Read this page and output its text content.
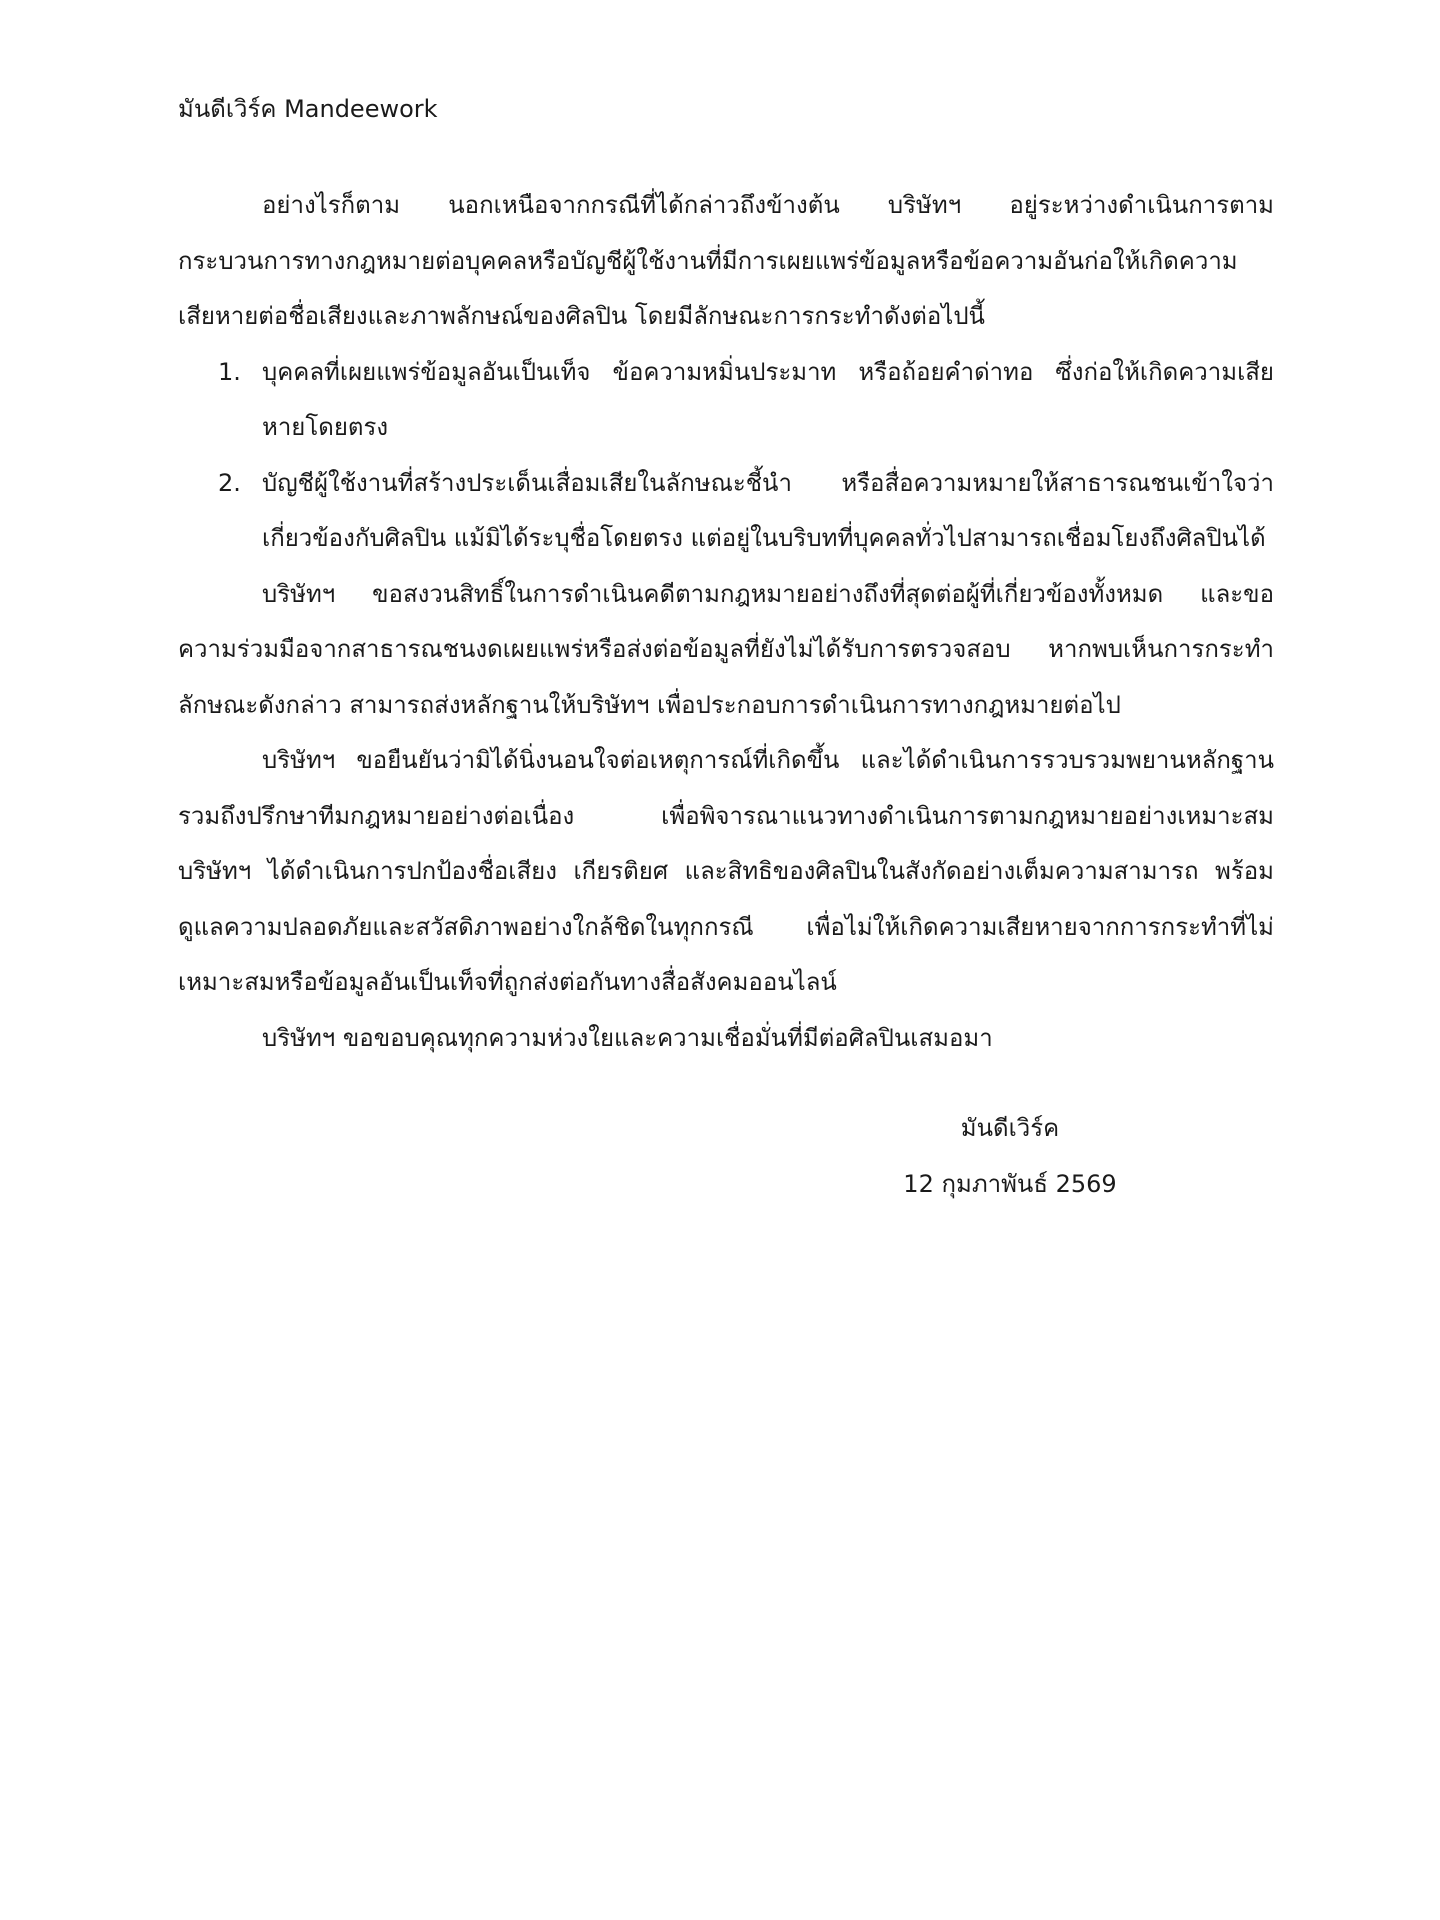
มันดีเวิร์ค Mandeework

อย่างไรก็ตาม นอกเหนือจากกรณีที่ได้กล่าวถึงข้างต้น บริษัทฯ อยู่ระหว่างดำเนินการตามกระบวนการทางกฎหมายต่อบุคคลหรือบัญชีผู้ใช้งานที่มีการเผยแพร่ข้อมูลหรือข้อความอันก่อให้เกิดความเสียหายต่อชื่อเสียงและภาพลักษณ์ของศิลปิน โดยมีลักษณะการกระทำดังต่อไปนี้

1. บุคคลที่เผยแพร่ข้อมูลอันเป็นเท็จ ข้อความหมิ่นประมาท หรือถ้อยคำด่าทอ ซึ่งก่อให้เกิดความเสียหายโดยตรง
2. บัญชีผู้ใช้งานที่สร้างประเด็นเสื่อมเสียในลักษณะชี้นำ หรือสื่อความหมายให้สาธารณชนเข้าใจว่าเกี่ยวข้องกับศิลปิน แม้มิได้ระบุชื่อโดยตรง แต่อยู่ในบริบทที่บุคคลทั่วไปสามารถเชื่อมโยงถึงศิลปินได้

บริษัทฯ ขอสงวนสิทธิ์ในการดำเนินคดีตามกฎหมายอย่างถึงที่สุดต่อผู้ที่เกี่ยวข้องทั้งหมด และขอความร่วมมือจากสาธารณชนงดเผยแพร่หรือส่งต่อข้อมูลที่ยังไม่ได้รับการตรวจสอบ หากพบเห็นการกระทำลักษณะดังกล่าว สามารถส่งหลักฐานให้บริษัทฯ เพื่อประกอบการดำเนินการทางกฎหมายต่อไป

บริษัทฯ ขอยืนยันว่ามิได้นิ่งนอนใจต่อเหตุการณ์ที่เกิดขึ้น และได้ดำเนินการรวบรวมพยานหลักฐานรวมถึงปรึกษาทีมกฎหมายอย่างต่อเนื่อง เพื่อพิจารณาแนวทางดำเนินการตามกฎหมายอย่างเหมาะสม บริษัทฯ ได้ดำเนินการปกป้องชื่อเสียง เกียรติยศ และสิทธิของศิลปินในสังกัดอย่างเต็มความสามารถ พร้อมดูแลความปลอดภัยและสวัสดิภาพอย่างใกล้ชิดในทุกกรณี เพื่อไม่ให้เกิดความเสียหายจากการกระทำที่ไม่เหมาะสมหรือข้อมูลอันเป็นเท็จที่ถูกส่งต่อกันทางสื่อสังคมออนไลน์

บริษัทฯ ขอขอบคุณทุกความห่วงใยและความเชื่อมั่นที่มีต่อศิลปินเสมอมา

มันดีเวิร์ค
12 กุมภาพันธ์ 2569
